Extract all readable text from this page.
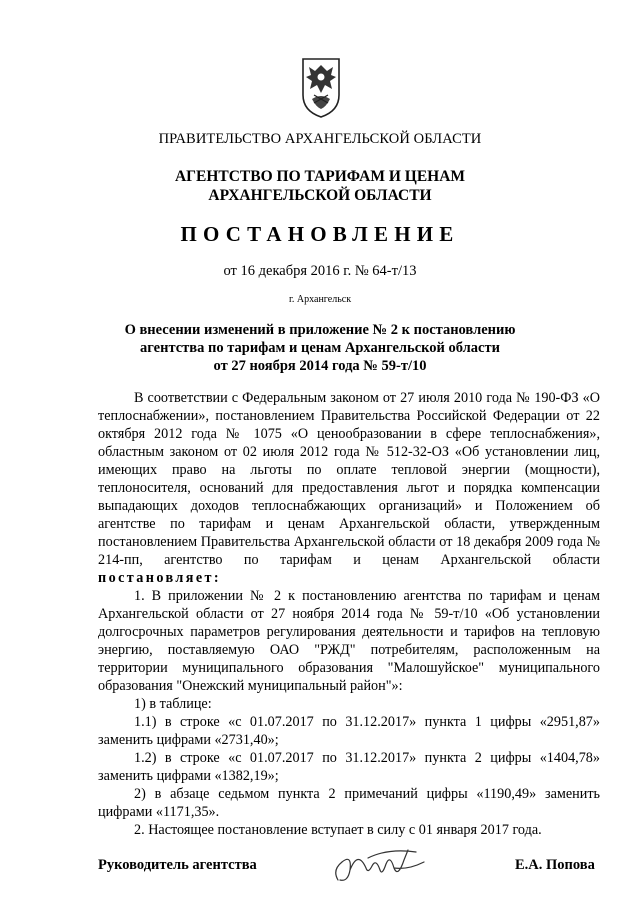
ПРАВИТЕЛЬСТВО АРХАНГЕЛЬСКОЙ ОБЛАСТИ
АГЕНТСТВО ПО ТАРИФАМ И ЦЕНАМ
АРХАНГЕЛЬСКОЙ ОБЛАСТИ
ПОСТАНОВЛЕНИЕ
от 16 декабря 2016 г. № 64-т/13
г. Архангельск
О внесении изменений в приложение № 2 к постановлению
агентства по тарифам и ценам Архангельской области
от 27 ноября 2014 года № 59-т/10

В соответствии с Федеральным законом от 27 июля 2010 года № 190-ФЗ «О теплоснабжении», постановлением Правительства Российской Федерации от 22 октября 2012 года № 1075 «О ценообразовании в сфере теплоснабжения», областным законом от 02 июля 2012 года № 512-32-ОЗ «Об установлении лиц, имеющих право на льготы по оплате тепловой энергии (мощности), теплоносителя, оснований для предоставления льгот и порядка компенсации выпадающих доходов теплоснабжающих организаций» и Положением об агентстве по тарифам и ценам Архангельской области, утвержденным постановлением Правительства Архангельской области от 18 декабря 2009 года № 214-пп, агентство по тарифам и ценам Архангельской области постановляет:

1. В приложении № 2 к постановлению агентства по тарифам и ценам Архангельской области от 27 ноября 2014 года № 59-т/10 «Об установлении долгосрочных параметров регулирования деятельности и тарифов на тепловую энергию, поставляемую ОАО "РЖД" потребителям, расположенным на территории муниципального образования "Малошуйское" муниципального образования "Онежский муниципальный район"»:

1) в таблице:

1.1) в строке «с 01.07.2017 по 31.12.2017» пункта 1 цифры «2951,87» заменить цифрами «2731,40»;

1.2) в строке «с 01.07.2017 по 31.12.2017» пункта 2 цифры «1404,78» заменить цифрами «1382,19»;

2) в абзаце седьмом пункта 2 примечаний цифры «1190,49» заменить цифрами «1171,35».

2. Настоящее постановление вступает в силу с 01 января 2017 года.

Руководитель агентства	Е.А. Попова
